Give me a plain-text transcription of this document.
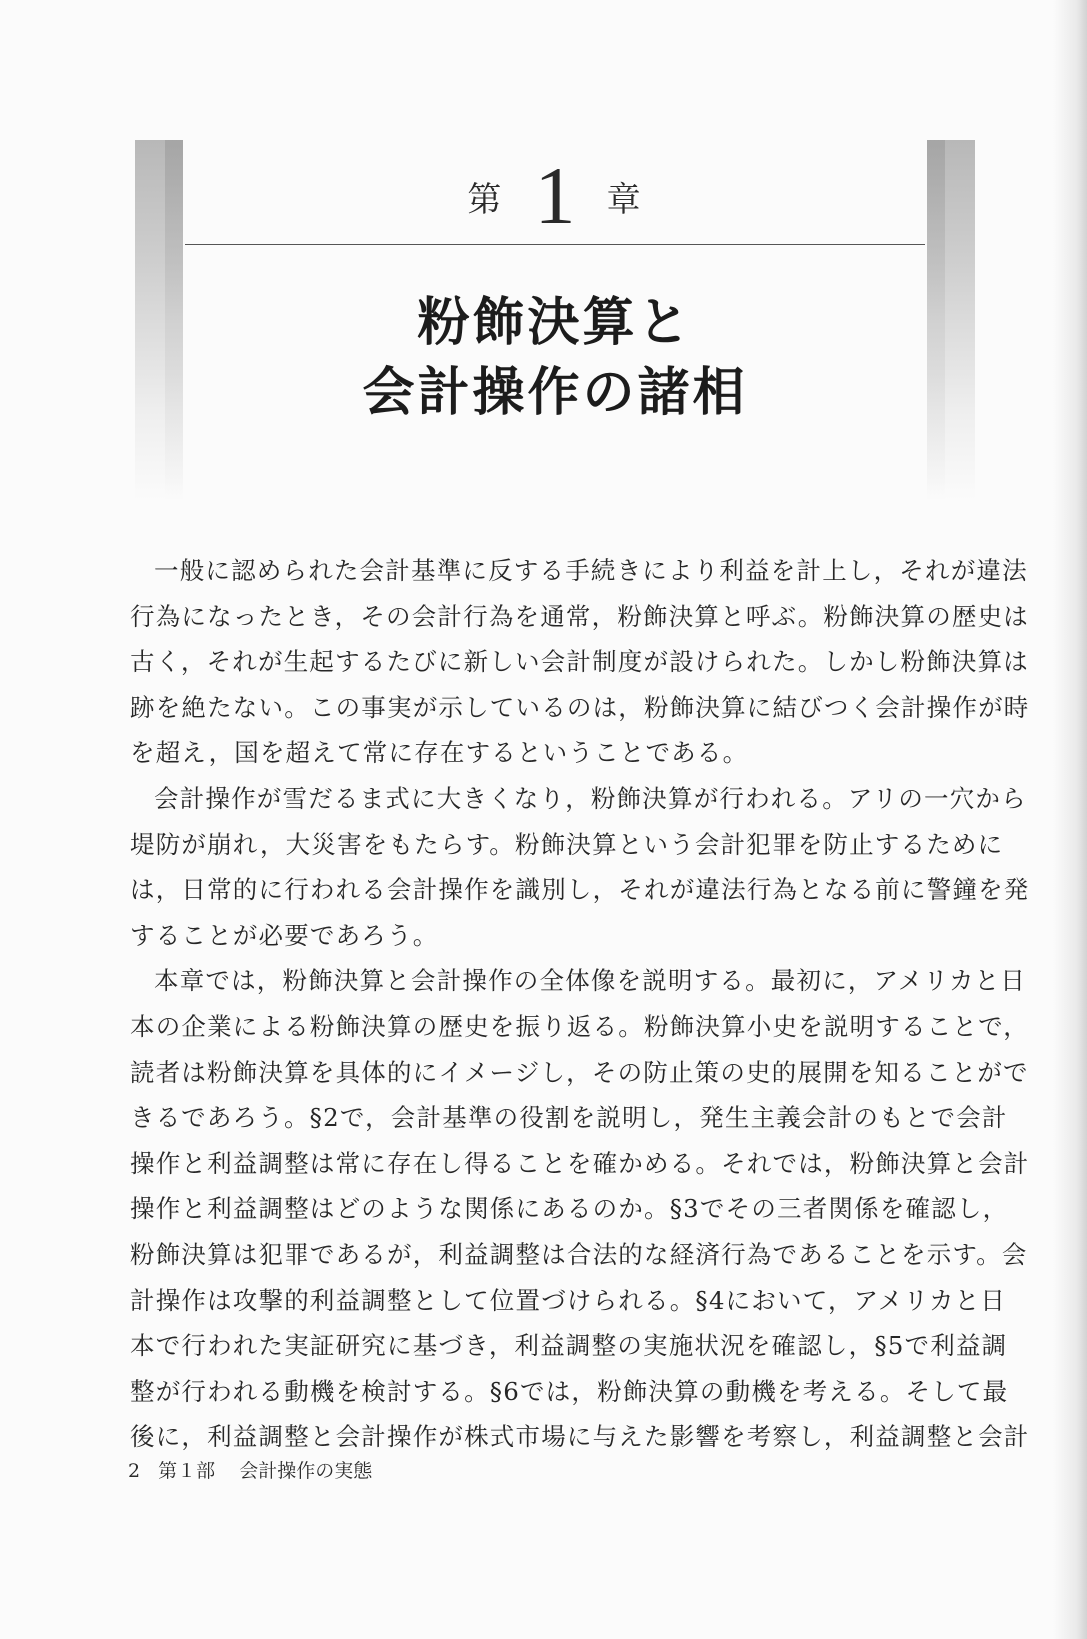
第 1 章
粉飾決算と
会計操作の諸相
一般に認められた会計基準に反する手続きにより利益を計上し，それが違法
行為になったとき，その会計行為を通常，粉飾決算と呼ぶ。粉飾決算の歴史は
古く，それが生起するたびに新しい会計制度が設けられた。しかし粉飾決算は
跡を絶たない。この事実が示しているのは，粉飾決算に結びつく会計操作が時
を超え，国を超えて常に存在するということである。
会計操作が雪だるま式に大きくなり，粉飾決算が行われる。アリの一穴から
堤防が崩れ，大災害をもたらす。粉飾決算という会計犯罪を防止するために
は，日常的に行われる会計操作を識別し，それが違法行為となる前に警鐘を発
することが必要であろう。
本章では，粉飾決算と会計操作の全体像を説明する。最初に，アメリカと日
本の企業による粉飾決算の歴史を振り返る。粉飾決算小史を説明することで，
読者は粉飾決算を具体的にイメージし，その防止策の史的展開を知ることがで
きるであろう。§2で，会計基準の役割を説明し，発生主義会計のもとで会計
操作と利益調整は常に存在し得ることを確かめる。それでは，粉飾決算と会計
操作と利益調整はどのような関係にあるのか。§3でその三者関係を確認し，
粉飾決算は犯罪であるが，利益調整は合法的な経済行為であることを示す。会
計操作は攻撃的利益調整として位置づけられる。§4において，アメリカと日
本で行われた実証研究に基づき，利益調整の実施状況を確認し，§5で利益調
整が行われる動機を検討する。§6では，粉飾決算の動機を考える。そして最
後に，利益調整と会計操作が株式市場に与えた影響を考察し，利益調整と会計
2 第１部 会計操作の実態
